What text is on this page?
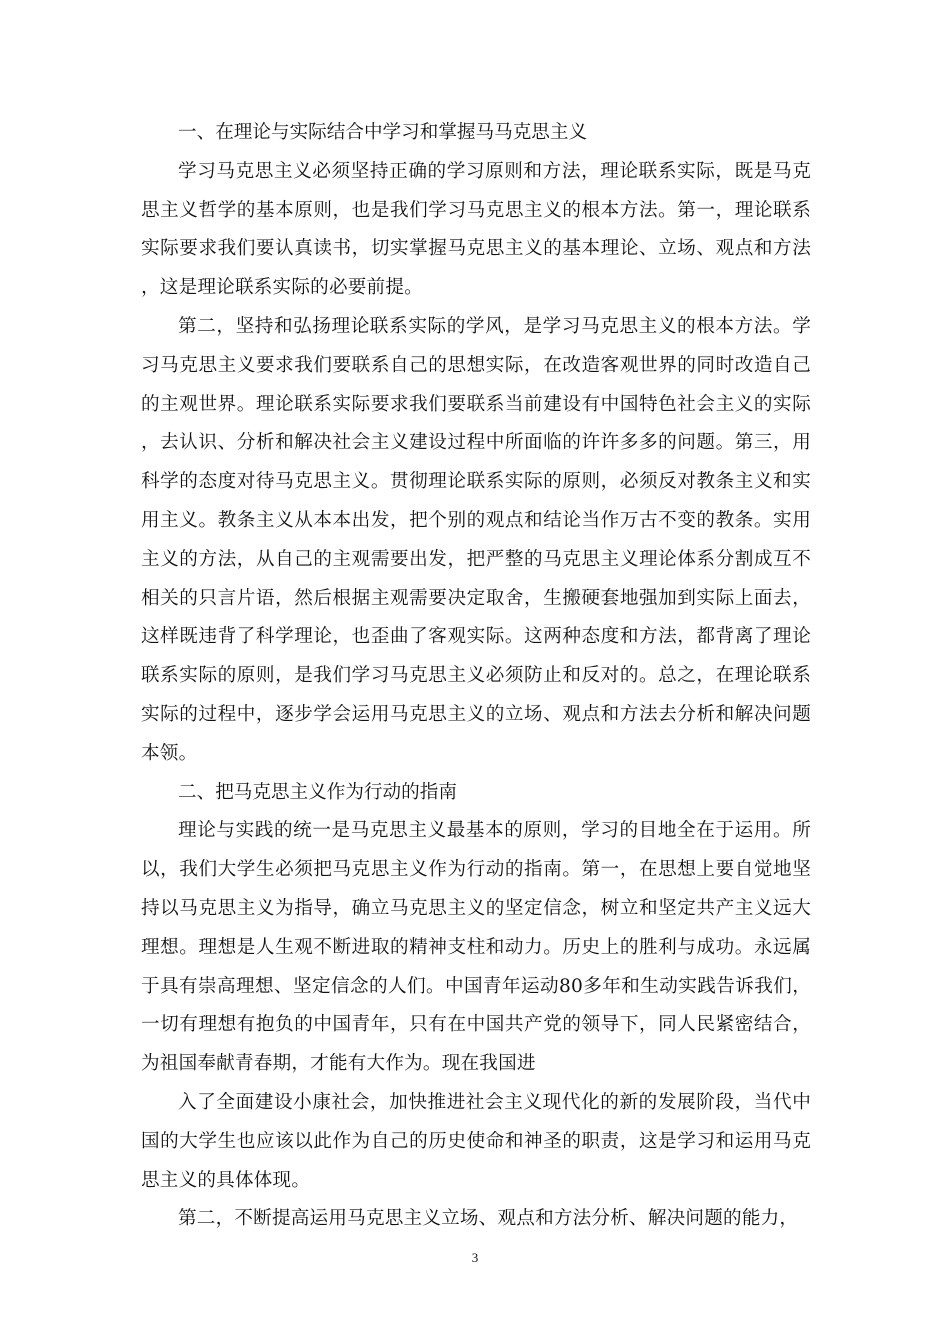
一、在理论与实际结合中学习和掌握马马克思主义

学习马克思主义必须坚持正确的学习原则和方法，理论联系实际，既是马克思主义哲学的基本原则，也是我们学习马克思主义的根本方法。第一，理论联系实际要求我们要认真读书，切实掌握马克思主义的基本理论、立场、观点和方法，这是理论联系实际的必要前提。

第二，坚持和弘扬理论联系实际的学风，是学习马克思主义的根本方法。学习马克思主义要求我们要联系自己的思想实际，在改造客观世界的同时改造自己的主观世界。理论联系实际要求我们要联系当前建设有中国特色社会主义的实际，去认识、分析和解决社会主义建设过程中所面临的许许多多的问题。第三，用科学的态度对待马克思主义。贯彻理论联系实际的原则，必须反对教条主义和实用主义。教条主义从本本出发，把个别的观点和结论当作万古不变的教条。实用主义的方法，从自己的主观需要出发，把严整的马克思主义理论体系分割成互不相关的只言片语，然后根据主观需要决定取舍，生搬硬套地强加到实际上面去，这样既违背了科学理论，也歪曲了客观实际。这两种态度和方法，都背离了理论联系实际的原则，是我们学习马克思主义必须防止和反对的。总之，在理论联系实际的过程中，逐步学会运用马克思主义的立场、观点和方法去分析和解决问题本领。

二、把马克思主义作为行动的指南

理论与实践的统一是马克思主义最基本的原则，学习的目地全在于运用。所以，我们大学生必须把马克思主义作为行动的指南。第一，在思想上要自觉地坚持以马克思主义为指导，确立马克思主义的坚定信念，树立和坚定共产主义远大理想。理想是人生观不断进取的精神支柱和动力。历史上的胜利与成功。永远属于具有崇高理想、坚定信念的人们。中国青年运动80多年和生动实践告诉我们，一切有理想有抱负的中国青年，只有在中国共产党的领导下，同人民紧密结合，为祖国奉献青春期，才能有大作为。现在我国进

入了全面建设小康社会，加快推进社会主义现代化的新的发展阶段，当代中国的大学生也应该以此作为自己的历史使命和神圣的职责，这是学习和运用马克思主义的具体体现。

第二，不断提高运用马克思主义立场、观点和方法分析、解决问题的能力，

3
